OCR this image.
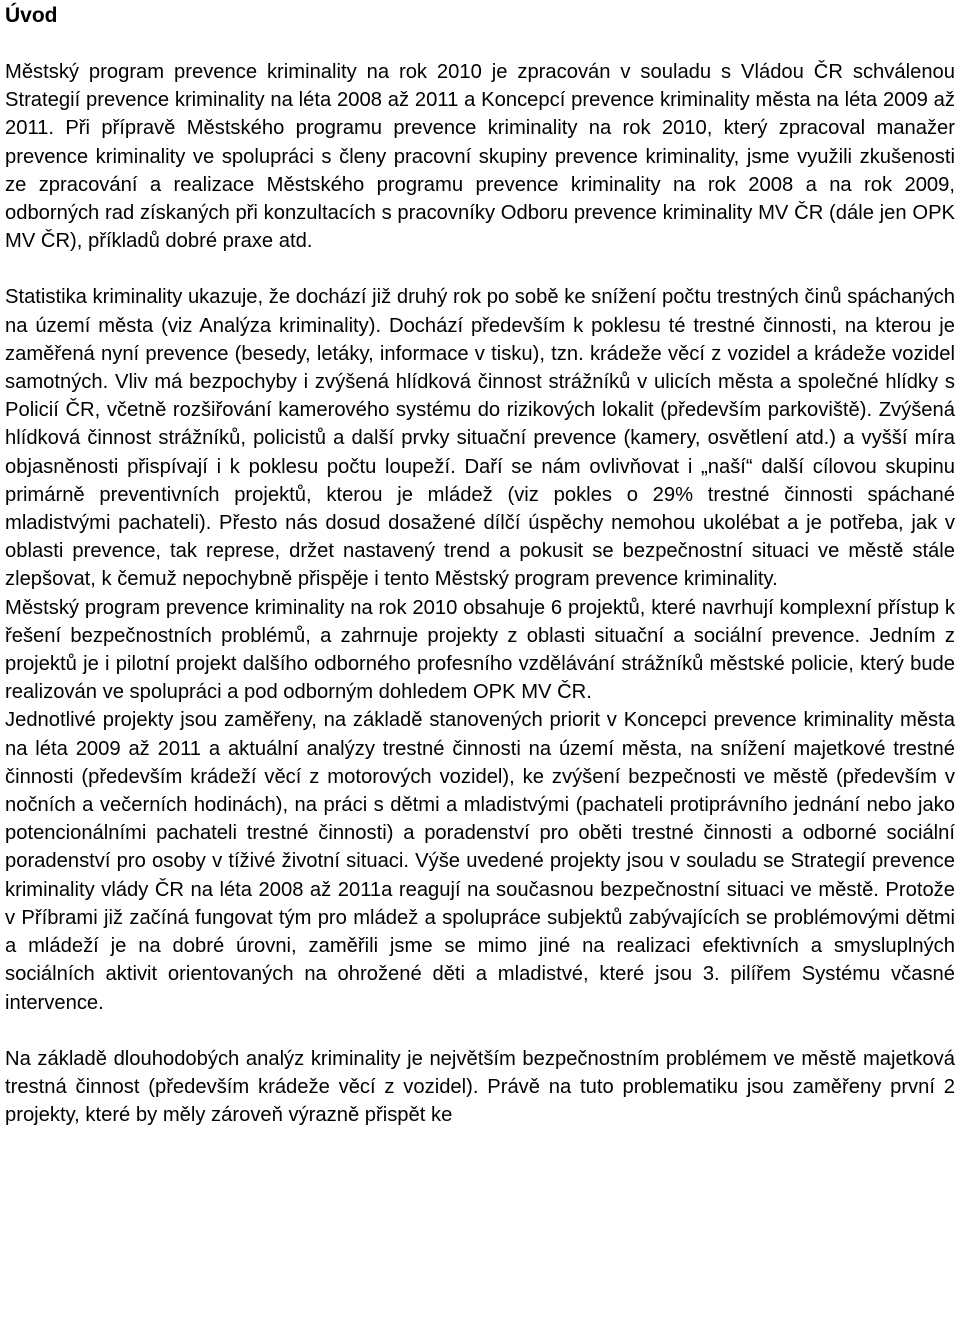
Úvod

Městský program prevence kriminality na rok 2010 je zpracován v souladu s Vládou ČR schválenou Strategií prevence kriminality na léta 2008 až 2011 a Koncepcí prevence kriminality města na léta 2009 až 2011. Při přípravě Městského programu prevence kriminality na rok 2010, který zpracoval manažer prevence kriminality ve spolupráci s členy pracovní skupiny prevence kriminality, jsme využili zkušenosti ze zpracování a realizace Městského programu prevence kriminality na rok 2008 a na rok 2009, odborných rad získaných při konzultacích s pracovníky Odboru prevence kriminality MV ČR (dále jen OPK MV ČR), příkladů dobré praxe atd.

Statistika kriminality ukazuje, že dochází již druhý rok po sobě ke snížení počtu trestných činů spáchaných na území města (viz Analýza kriminality). Dochází především k poklesu té trestné činnosti, na kterou je zaměřená nyní prevence (besedy, letáky, informace v tisku), tzn. krádeže věcí z vozidel a krádeže vozidel samotných. Vliv má bezpochyby i zvýšená hlídková činnost strážníků v ulicích města a společné hlídky s Policií ČR, včetně rozšiřování kamerového systému do rizikových lokalit (především parkoviště). Zvýšená hlídková činnost strážníků, policistů a další prvky situační prevence (kamery, osvětlení atd.) a vyšší míra objasněnosti přispívají i k poklesu počtu loupeží. Daří se nám ovlivňovat i „naší“ další cílovou skupinu primárně preventivních projektů, kterou je mládež (viz pokles o 29% trestné činnosti spáchané mladistvými pachateli). Přesto nás dosud dosažené dílčí úspěchy nemohou ukolébat a je potřeba, jak v oblasti prevence, tak represe, držet nastavený trend a pokusit se bezpečnostní situaci ve městě stále zlepšovat, k čemuž nepochybně přispěje i tento Městský program prevence kriminality.

Městský program prevence kriminality na rok 2010 obsahuje 6 projektů, které navrhují komplexní přístup k řešení bezpečnostních problémů, a zahrnuje projekty z oblasti situační a sociální prevence. Jedním z projektů je i pilotní projekt dalšího odborného profesního vzdělávání strážníků městské policie, který bude realizován ve spolupráci a pod odborným dohledem OPK MV ČR.

Jednotlivé projekty jsou zaměřeny, na základě stanovených priorit v Koncepci prevence kriminality města na léta 2009 až 2011 a aktuální analýzy trestné činnosti na území města, na snížení majetkové trestné činnosti (především krádeží věcí z motorových vozidel), ke zvýšení bezpečnosti ve městě (především v nočních a večerních hodinách), na práci s dětmi a mladistvými (pachateli protiprávního jednání nebo jako potencionálními pachateli trestné činnosti) a poradenství pro oběti trestné činnosti a odborné sociální poradenství pro osoby v tíživé životní situaci. Výše uvedené projekty jsou v souladu se Strategií prevence kriminality vlády ČR na léta 2008 až 2011a reagují na současnou bezpečnostní situaci ve městě. Protože v Příbrami již začíná fungovat tým pro mládež a spolupráce subjektů zabývajících se problémovými dětmi a mládeží je na dobré úrovni, zaměřili jsme se mimo jiné na realizaci efektivních a smysluplných sociálních aktivit orientovaných na ohrožené děti a mladistvé, které jsou 3. pilířem Systému včasné intervence.

Na základě dlouhodobých analýz kriminality je největším bezpečnostním problémem ve městě majetková trestná činnost (především krádeže věcí z vozidel). Právě na tuto problematiku jsou zaměřeny první 2 projekty, které by měly zároveň výrazně přispět ke
